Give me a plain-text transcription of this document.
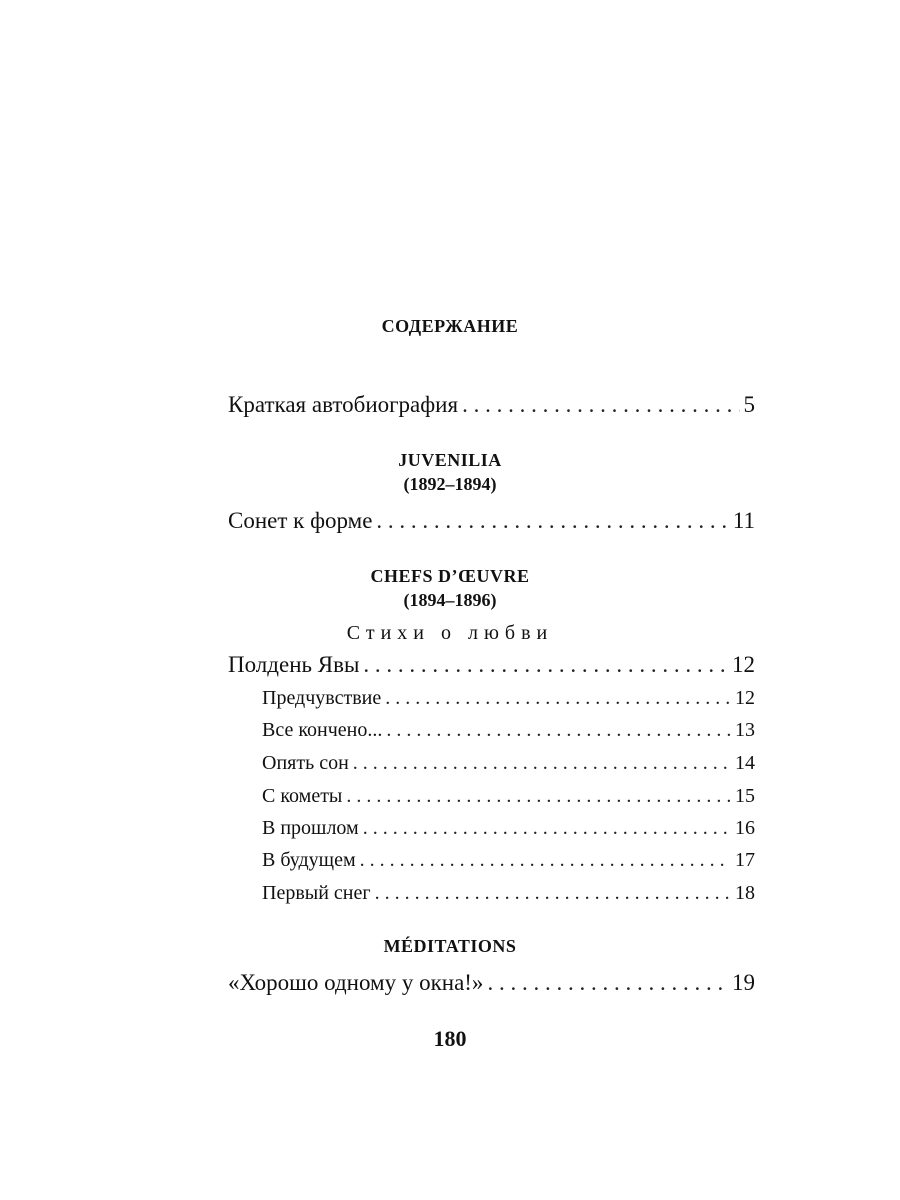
СОДЕРЖАНИЕ
Краткая автобиография . . .	5
JUVENILIA
(1892–1894)
Сонет к форме . . .	11
CHEFS D’ŒUVRE
(1894–1896)
Стихи о любви
Полдень Явы . . .	12
Предчувствие . . .	12
Все кончено... . . .	13
Опять сон . . .	14
С кометы . . .	15
В прошлом . . .	16
В будущем . . .	17
Первый снег . . .	18
MÉDITATIONS
«Хорошо одному у окна!» . . .	19
180
